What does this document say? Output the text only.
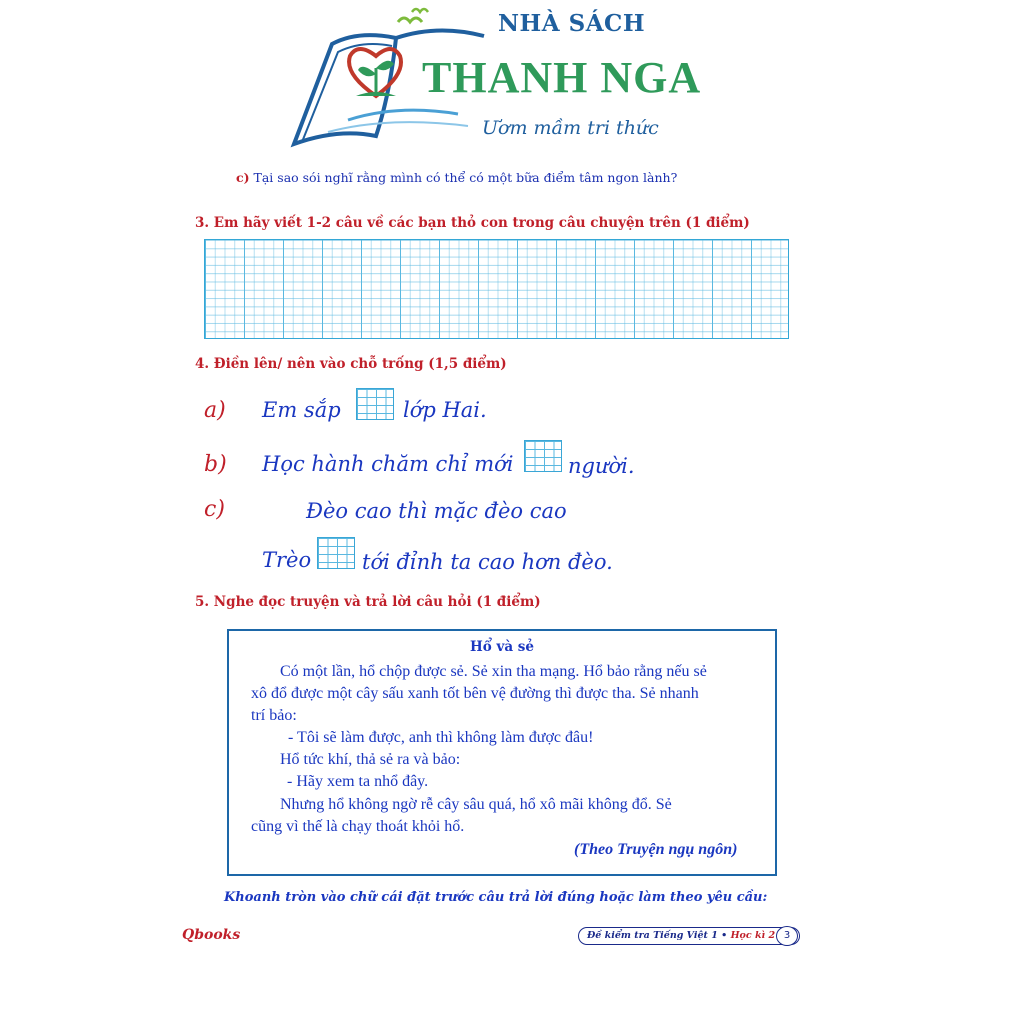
NHÀ SÁCH
THANH NGA
Ươm mầm tri thức
c) Tại sao sói nghĩ rằng mình có thể có một bữa điểm tâm ngon lành?
3. Em hãy viết 1-2 câu về các bạn thỏ con trong câu chuyện trên (1 điểm)
4. Điền lên/ nên vào chỗ trống (1,5 điểm)
a) Em sắp	lớp Hai.
b) Học hành chăm chỉ mới	người.
c)	Đèo cao thì mặc đèo cao
Trèo tới đỉnh ta cao hơn đèo.
5. Nghe đọc truyện và trả lời câu hỏi (1 điểm)
Hổ và sẻ
Có một lần, hổ chộp được sẻ. Sẻ xin tha mạng. Hổ bảo rằng nếu sẻ
xô đổ được một cây sấu xanh tốt bên vệ đường thì được tha. Sẻ nhanh
trí bảo:
- Tôi sẽ làm được, anh thì không làm được đâu!
Hổ tức khí, thả sẻ ra và bảo:
- Hãy xem ta nhổ đây.
Nhưng hổ không ngờ rễ cây sâu quá, hổ xô mãi không đổ. Sẻ
cũng vì thế là chạy thoát khỏi hổ.
(Theo Truyện ngụ ngôn)
Khoanh tròn vào chữ cái đặt trước câu trả lời đúng hoặc làm theo yêu cầu:
Qbooks	Đề kiểm tra Tiếng Việt 1 • Học kì 2 3
